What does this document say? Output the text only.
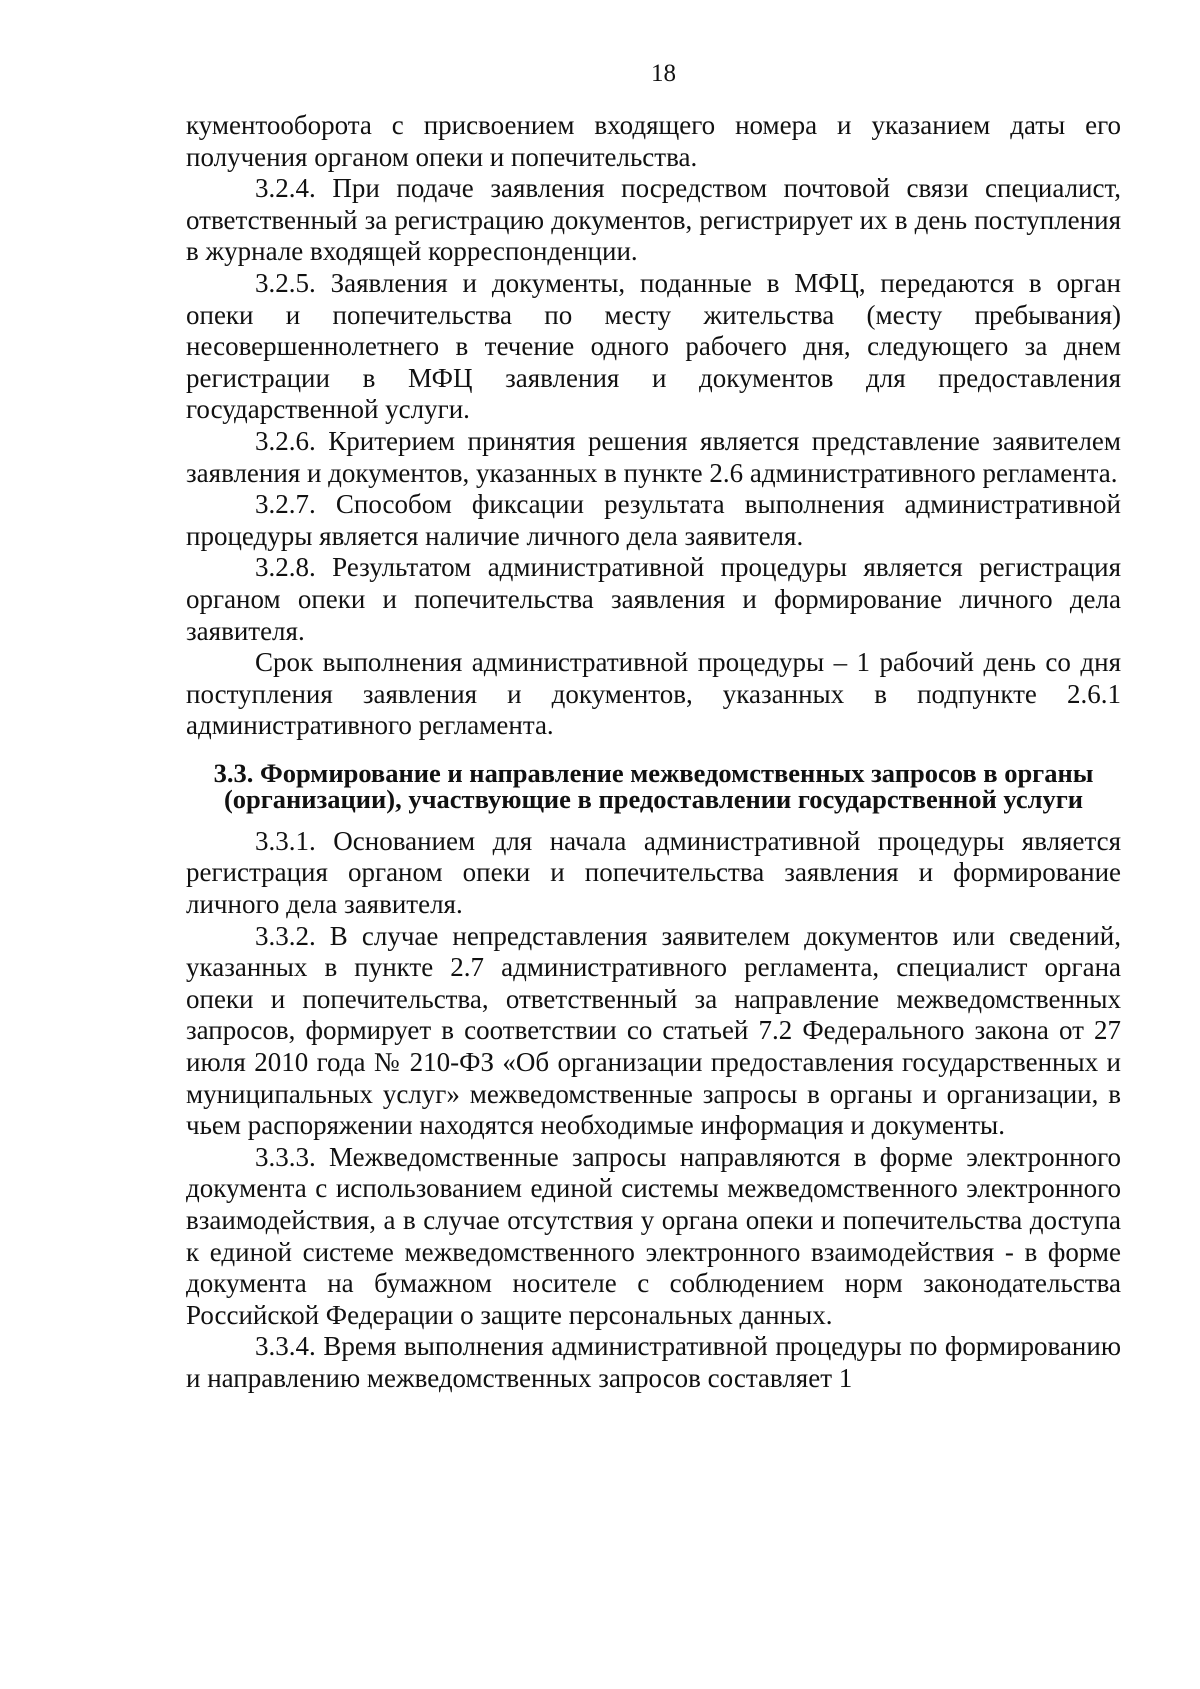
18

кументооборота с присвоением входящего номера и указанием даты его получения органом опеки и попечительства.

3.2.4. При подаче заявления посредством почтовой связи специалист, ответственный за регистрацию документов, регистрирует их в день поступления в журнале входящей корреспонденции.

3.2.5. Заявления и документы, поданные в МФЦ, передаются в орган опеки и попечительства по месту жительства (месту пребывания) несовершеннолетнего в течение одного рабочего дня, следующего за днем регистрации в МФЦ заявления и документов для предоставления государственной услуги.

3.2.6. Критерием принятия решения является представление заявителем заявления и документов, указанных в пункте 2.6 административного регламента.

3.2.7. Способом фиксации результата выполнения административной процедуры является наличие личного дела заявителя.

3.2.8. Результатом административной процедуры является регистрация органом опеки и попечительства заявления и формирование личного дела заявителя.

Срок выполнения административной процедуры – 1 рабочий день со дня поступления заявления и документов, указанных в подпункте 2.6.1 административного регламента.

3.3. Формирование и направление межведомственных запросов в органы (организации), участвующие в предоставлении государственной услуги

3.3.1. Основанием для начала административной процедуры является регистрация органом опеки и попечительства заявления и формирование личного дела заявителя.

3.3.2. В случае непредставления заявителем документов или сведений, указанных в пункте 2.7 административного регламента, специалист органа опеки и попечительства, ответственный за направление межведомственных запросов, формирует в соответствии со статьей 7.2 Федерального закона от 27 июля 2010 года № 210-ФЗ «Об организации предоставления государственных и муниципальных услуг» межведомственные запросы в органы и организации, в чьем распоряжении находятся необходимые информация и документы.

3.3.3. Межведомственные запросы направляются в форме электронного документа с использованием единой системы межведомственного электронного взаимодействия, а в случае отсутствия у органа опеки и попечительства доступа к единой системе межведомственного электронного взаимодействия - в форме документа на бумажном носителе с соблюдением норм законодательства Российской Федерации о защите персональных данных.

3.3.4. Время выполнения административной процедуры по формированию и направлению межведомственных запросов составляет 1
